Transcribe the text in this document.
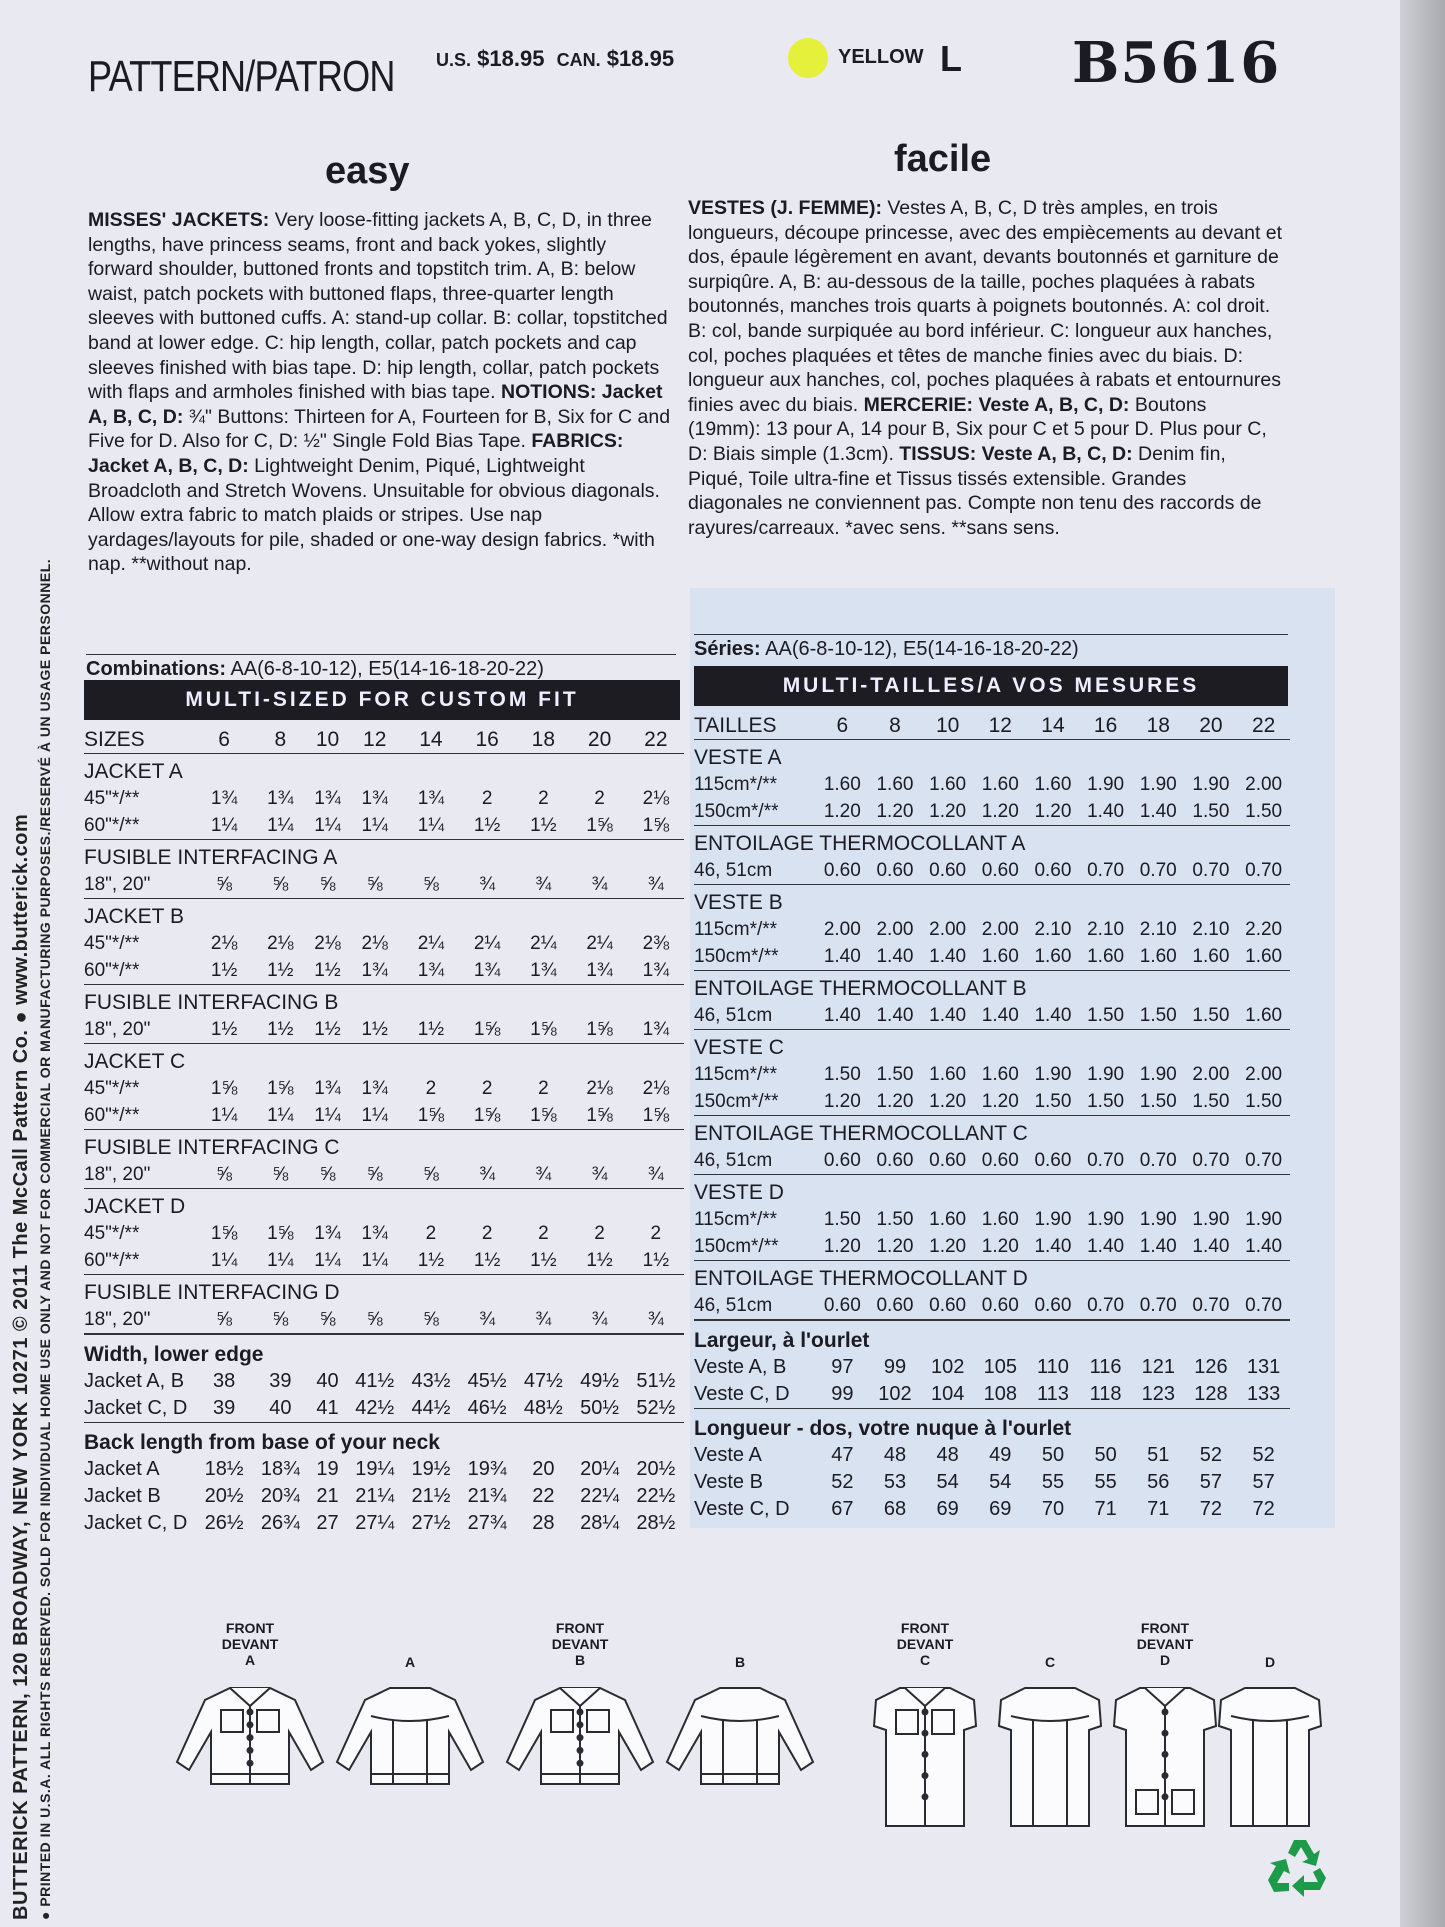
PATTERN/PATRON U.S. $18.95 CAN. $18.95	YELLOW L B5616
easy	facile
MISSES' JACKETS: Very loose-fitting jackets A, B, C, D, in three lengths, have princess seams, front and back yokes, slightly forward shoulder, buttoned fronts and topstitch trim. A, B: below waist, patch pockets with buttoned flaps, three-quarter length sleeves with buttoned cuffs. A: stand-up collar. B: collar, topstitched band at lower edge. C: hip length, collar, patch pockets and cap sleeves finished with bias tape. D: hip length, collar, patch pockets with flaps and armholes finished with bias tape. NOTIONS: Jacket A, B, C, D: ¾" Buttons: Thirteen for A, Fourteen for B, Six for C and Five for D. Also for C, D: ½" Single Fold Bias Tape. FABRICS: Jacket A, B, C, D: Lightweight Denim, Piqué, Lightweight Broadcloth and Stretch Wovens. Unsuitable for obvious diagonals. Allow extra fabric to match plaids or stripes. Use nap yardages/layouts for pile, shaded or one-way design fabrics. *with nap. **without nap.
VESTES (J. FEMME): Vestes A, B, C, D très amples, en trois longueurs, découpe princesse, avec des empiècements au devant et dos, épaule légèrement en avant, devants boutonnés et garniture de surpiqûre. A, B: au-dessous de la taille, poches plaquées à rabats boutonnés, manches trois quarts à poignets boutonnés. A: col droit. B: col, bande surpiquée au bord inférieur. C: longueur aux hanches, col, poches plaquées et têtes de manche finies avec du biais. D: longueur aux hanches, col, poches plaquées à rabats et entournures finies avec du biais. MERCERIE: Veste A, B, C, D: Boutons (19mm): 13 pour A, 14 pour B, Six pour C et 5 pour D. Plus pour C, D: Biais simple (1.3cm). TISSUS: Veste A, B, C, D: Denim fin, Piqué, Toile ultra-fine et Tissus tissés extensible. Grandes diagonales ne conviennent pas. Compte non tenu des raccords de rayures/carreaux. *avec sens. **sans sens.
Combinations: AA(6-8-10-12), E5(14-16-18-20-22)
Séries: AA(6-8-10-12), E5(14-16-18-20-22)
MULTI-SIZED FOR CUSTOM FIT
MULTI-TAILLES/A VOS MESURES
SIZES	6	8	10	12	14	16	18	20	22
JACKET A									
45"*/**	1¾	1¾	1¾	1¾	1¾	2	2	2	2⅛
60"*/**	1¼	1¼	1¼	1¼	1¼	1½	1½	1⅝	1⅝
FUSIBLE INTERFACING A									
18", 20"	⅝	⅝	⅝	⅝	⅝	¾	¾	¾	¾
JACKET B									
45"*/**	2⅛	2⅛	2⅛	2⅛	2¼	2¼	2¼	2¼	2⅜
60"*/**	1½	1½	1½	1¾	1¾	1¾	1¾	1¾	1¾
FUSIBLE INTERFACING B									
18", 20"	1½	1½	1½	1½	1½	1⅝	1⅝	1⅝	1¾
JACKET C									
45"*/**	1⅝	1⅝	1¾	1¾	2	2	2	2⅛	2⅛
60"*/**	1¼	1¼	1¼	1¼	1⅝	1⅝	1⅝	1⅝	1⅝
FUSIBLE INTERFACING C									
18", 20"	⅝	⅝	⅝	⅝	⅝	¾	¾	¾	¾
JACKET D									
45"*/**	1⅝	1⅝	1¾	1¾	2	2	2	2	2
60"*/**	1¼	1¼	1¼	1¼	1½	1½	1½	1½	1½
FUSIBLE INTERFACING D									
18", 20"	⅝	⅝	⅝	⅝	⅝	¾	¾	¾	¾
Width, lower edge									
Jacket A, B	38	39	40	41½	43½	45½	47½	49½	51½
Jacket C, D	39	40	41	42½	44½	46½	48½	50½	52½
Back length from base of your neck									
Jacket A	18½	18¾	19	19¼	19½	19¾	20	20¼	20½
Jacket B	20½	20¾	21	21¼	21½	21¾	22	22¼	22½
Jacket C, D	26½	26¾	27	27¼	27½	27¾	28	28¼	28½
TAILLES	6	8	10	12	14	16	18	20	22
VESTE A									
115cm*/**	1.60	1.60	1.60	1.60	1.60	1.90	1.90	1.90	2.00
150cm*/**	1.20	1.20	1.20	1.20	1.20	1.40	1.40	1.50	1.50
ENTOILAGE THERMOCOLLANT A									
46, 51cm	0.60	0.60	0.60	0.60	0.60	0.70	0.70	0.70	0.70
VESTE B									
115cm*/**	2.00	2.00	2.00	2.00	2.10	2.10	2.10	2.10	2.20
150cm*/**	1.40	1.40	1.40	1.60	1.60	1.60	1.60	1.60	1.60
ENTOILAGE THERMOCOLLANT B									
46, 51cm	1.40	1.40	1.40	1.40	1.40	1.50	1.50	1.50	1.60
VESTE C									
115cm*/**	1.50	1.50	1.60	1.60	1.90	1.90	1.90	2.00	2.00
150cm*/**	1.20	1.20	1.20	1.20	1.50	1.50	1.50	1.50	1.50
ENTOILAGE THERMOCOLLANT C									
46, 51cm	0.60	0.60	0.60	0.60	0.60	0.70	0.70	0.70	0.70
VESTE D									
115cm*/**	1.50	1.50	1.60	1.60	1.90	1.90	1.90	1.90	1.90
150cm*/**	1.20	1.20	1.20	1.20	1.40	1.40	1.40	1.40	1.40
ENTOILAGE THERMOCOLLANT D									
46, 51cm	0.60	0.60	0.60	0.60	0.60	0.70	0.70	0.70	0.70
Largeur, à l'ourlet									
Veste A, B	97	99	102	105	110	116	121	126	131
Veste C, D	99	102	104	108	113	118	123	128	133
Longueur - dos, votre nuque à l'ourlet									
Veste A	47	48	48	49	50	50	51	52	52
Veste B	52	53	54	54	55	55	56	57	57
Veste C, D	67	68	69	69	70	71	71	72	72
BUTTERICK PATTERN, 120 BROADWAY, NEW YORK 10271 © 2011 The McCall Pattern Co. ● www.butterick.com ● PRINTED IN U.S.A. ALL RIGHTS RESERVED. SOLD FOR INDIVIDUAL HOME USE ONLY AND NOT FOR COMMERCIAL OR MANUFACTURING PURPOSES./RESERVÉ À UN USAGE PERSONNEL.	FRONT
DEVANT
A	A
FRONT
DEVANT
B	B
FRONT
DEVANT
C	C
FRONT
DEVANT
D	D
